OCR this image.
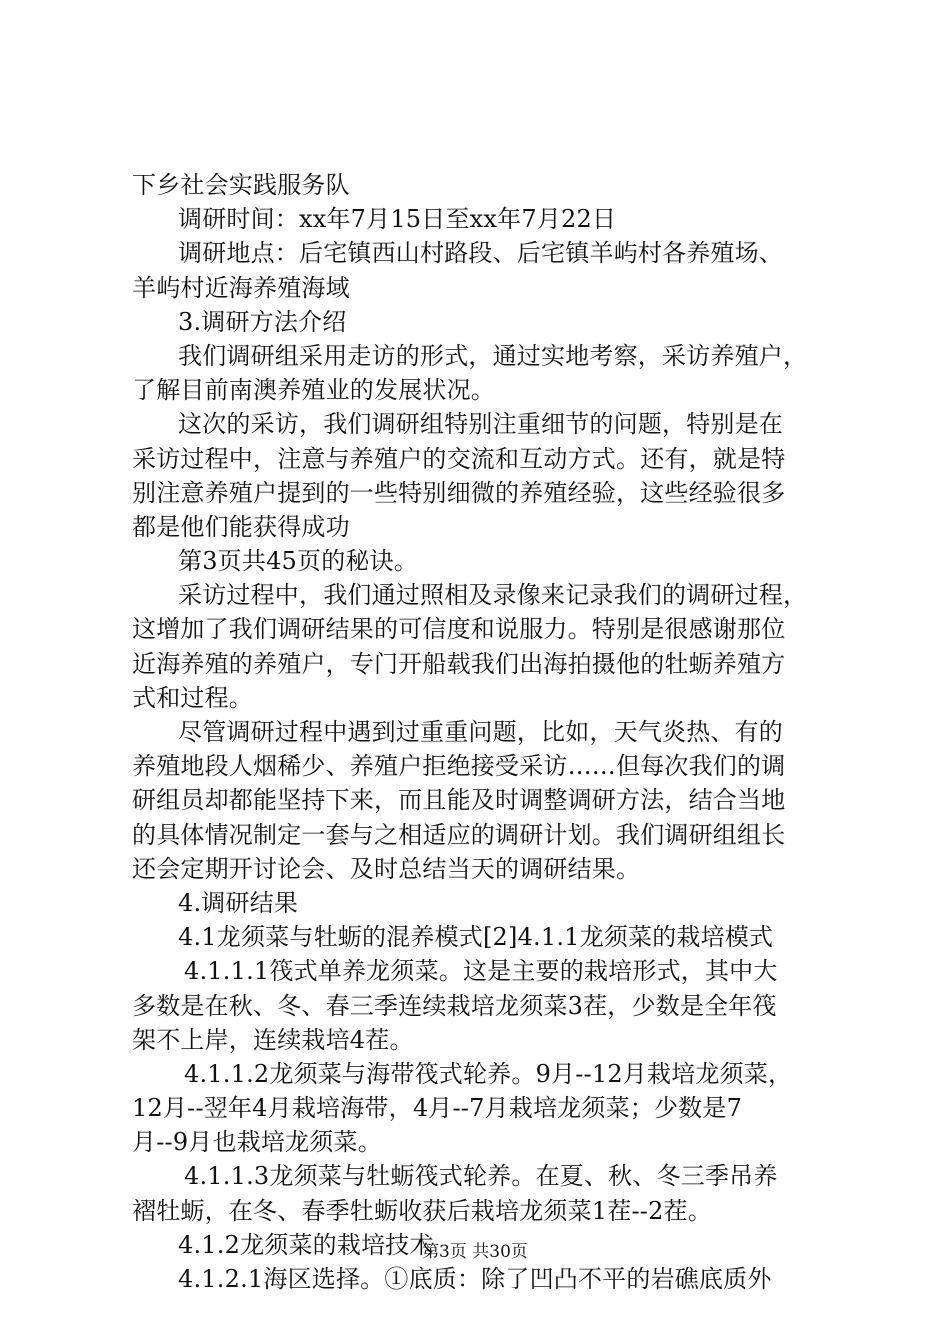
下乡社会实践服务队
调研时间：xx年7月15日至xx年7月22日
调研地点：后宅镇西山村路段、后宅镇羊屿村各养殖场、
羊屿村近海养殖海域
3.调研方法介绍
我们调研组采用走访的形式，通过实地考察，采访养殖户，
了解目前南澳养殖业的发展状况。
这次的采访，我们调研组特别注重细节的问题，特别是在
采访过程中，注意与养殖户的交流和互动方式。还有，就是特
别注意养殖户提到的一些特别细微的养殖经验，这些经验很多
都是他们能获得成功
第3页共45页的秘诀。
采访过程中，我们通过照相及录像来记录我们的调研过程，
这增加了我们调研结果的可信度和说服力。特别是很感谢那位
近海养殖的养殖户，专门开船载我们出海拍摄他的牡蛎养殖方
式和过程。
尽管调研过程中遇到过重重问题，比如，天气炎热、有的
养殖地段人烟稀少、养殖户拒绝接受采访……但每次我们的调
研组员却都能坚持下来，而且能及时调整调研方法，结合当地
的具体情况制定一套与之相适应的调研计划。我们调研组组长
还会定期开讨论会、及时总结当天的调研结果。
4.调研结果
4.1龙须菜与牡蛎的混养模式[2]4.1.1龙须菜的栽培模式
4.1.1.1筏式单养龙须菜。这是主要的栽培形式，其中大
多数是在秋、冬、春三季连续栽培龙须菜3茬，少数是全年筏
架不上岸，连续栽培4茬。
4.1.1.2龙须菜与海带筏式轮养。9月--12月栽培龙须菜，
12月--翌年4月栽培海带，4月--7月栽培龙须菜；少数是7
月--9月也栽培龙须菜。
4.1.1.3龙须菜与牡蛎筏式轮养。在夏、秋、冬三季吊养
褶牡蛎，在冬、春季牡蛎收获后栽培龙须菜1茬--2茬。
4.1.2龙须菜的栽培技术
4.1.2.1海区选择。①底质：除了凹凸不平的岩礁底质外
第3页 共30页
